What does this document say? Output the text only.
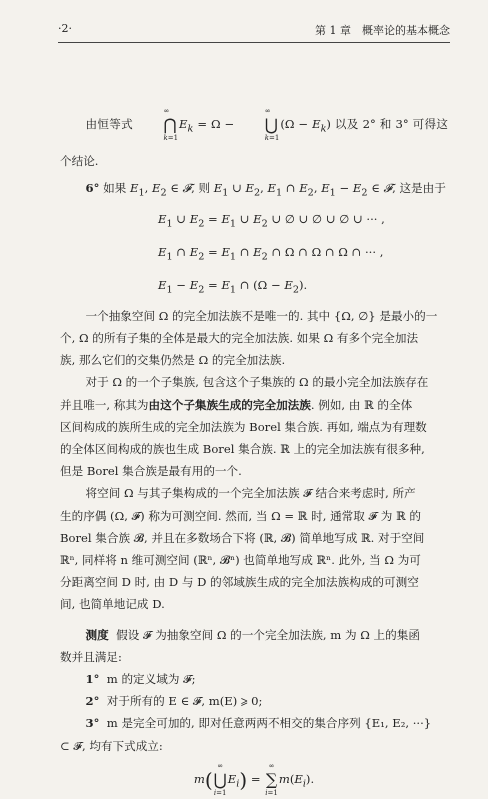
·2·	第 1 章　概率论的基本概念

由恒等式
∞
⋂
k=1
$E_k = \Omega$ −
∞
⋃
k=1
$(\Omega - E_k)$ 以及 2° 和 3° 可得这个结论.

6° 如果 $E_1$, $E_2$ ∈ 𝓕, 则 $E_1$ ∪ $E_2$, $E_1$ ∩ $E_2$, $E_1 - E_2$ ∈ 𝓕, 这是由于

$E_1$ ∪ $E_2 = E_1$ ∪ $E_2$ ∪ ∅ ∪ ∅ ∪ ∅ ∪ ··· ,
$E_1$ ∩ $E_2 = E_1$ ∩ $E_2$ ∩ Ω ∩ Ω ∩ Ω ∩ ··· ,
$E_1 - E_2 = E_1$ ∩ $(\Omega - E_2)$.

一个抽象空间 Ω 的完全加法族不是唯一的. 其中 {Ω, ∅} 是最小的一
个, Ω 的所有子集的全体是最大的完全加法族. 如果 Ω 有多个完全加法
族, 那么它们的交集仍然是 Ω 的完全加法族.

对于 Ω 的一个子集族, 包含这个子集族的 Ω 的最小完全加法族存在
并且唯一, 称其为由这个子集族生成的完全加法族. 例如, 由 ℝ 的全体
区间构成的族所生成的完全加法族为 Borel 集合族. 再如, 端点为有理数
的全体区间构成的族也生成 Borel 集合族. ℝ 上的完全加法族有很多种,
但是 Borel 集合族是最有用的一个.

将空间 Ω 与其子集构成的一个完全加法族 𝓕 结合来考虑时, 所产
生的序偶 (Ω, 𝓕) 称为可测空间. 然而, 当 Ω = ℝ 时, 通常取 𝓕 为 ℝ 的
Borel 集合族 𝓑, 并且在多数场合下将 (ℝ, 𝓑) 简单地写成 ℝ. 对于空间
ℝⁿ, 同样将 n 维可测空间 (ℝⁿ, 𝓑ⁿ) 也简单地写成 ℝⁿ. 此外, 当 Ω 为可
分距离空间 D 时, 由 D 与 D 的邻域族生成的完全加法族构成的可测空
间, 也简单地记成 D.

测度 假设 𝓕 为抽象空间 Ω 的一个完全加法族, m 为 Ω 上的集函
数并且满足:

1° m 的定义域为 𝓕;

2° 对于所有的 E ∈ 𝓕, m(E) ⩾ 0;

3° m 是完全可加的, 即对任意两两不相交的集合序列 {E₁, E₂, ···}
⊂ 𝓕, 均有下式成立:

m(
∞
⋃
i=1
$E_i$) =
∞
∑
i=1
$m(E_i)$.
